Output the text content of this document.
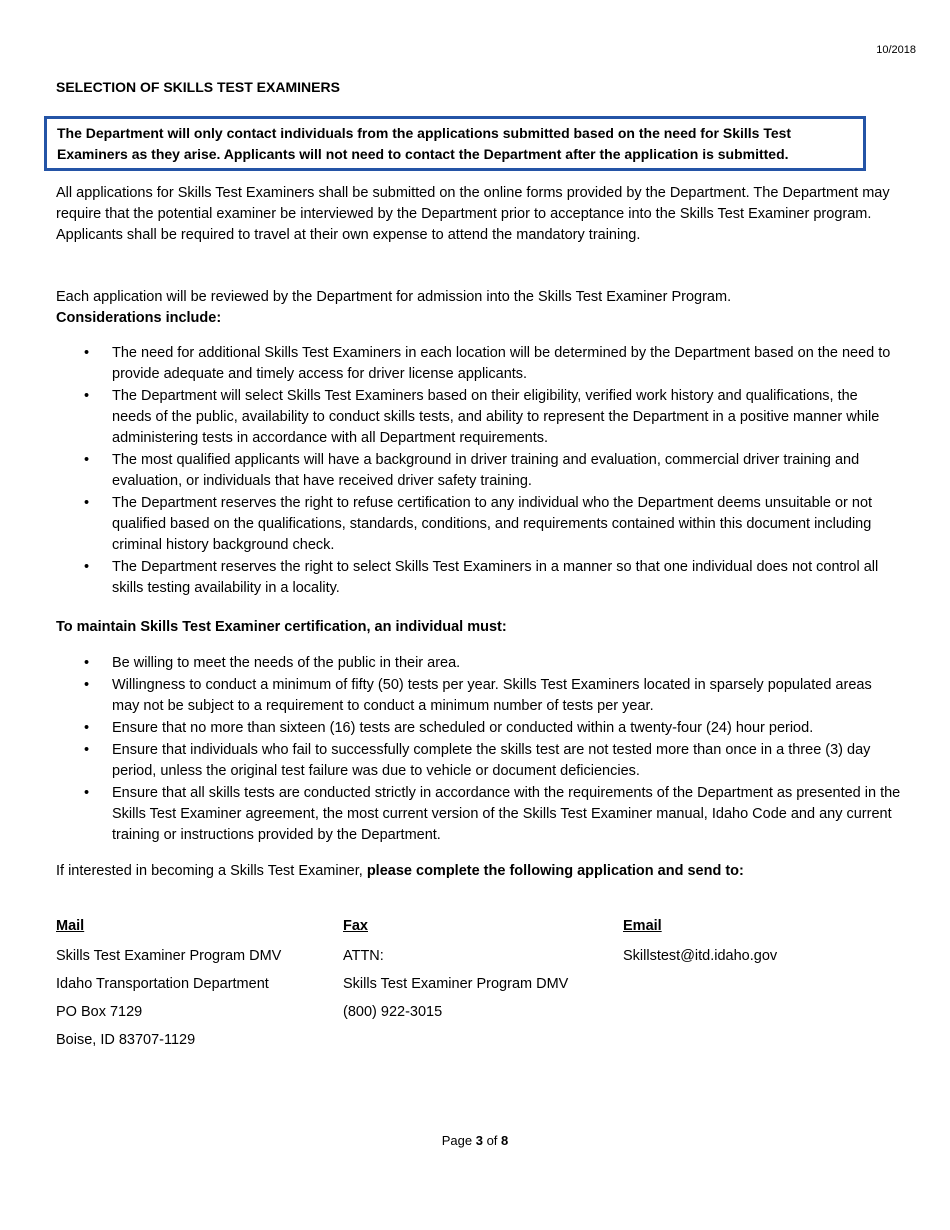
10/2018
SELECTION OF SKILLS TEST EXAMINERS
The Department will only contact individuals from the applications submitted based on the need for Skills Test Examiners as they arise. Applicants will not need to contact the Department after the application is submitted.
All applications for Skills Test Examiners shall be submitted on the online forms provided by the Department. The Department may require that the potential examiner be interviewed by the Department prior to acceptance into the Skills Test Examiner program. Applicants shall be required to travel at their own expense to attend the mandatory training.
Each application will be reviewed by the Department for admission into the Skills Test Examiner Program.
Considerations include:
• The need for additional Skills Test Examiners in each location will be determined by the Department based on the need to provide adequate and timely access for driver license applicants.
• The Department will select Skills Test Examiners based on their eligibility, verified work history and qualifications, the needs of the public, availability to conduct skills tests, and ability to represent the Department in a positive manner while administering tests in accordance with all Department requirements.
• The most qualified applicants will have a background in driver training and evaluation, commercial driver training and evaluation, or individuals that have received driver safety training.
• The Department reserves the right to refuse certification to any individual who the Department deems unsuitable or not qualified based on the qualifications, standards, conditions, and requirements contained within this document including criminal history background check.
• The Department reserves the right to select Skills Test Examiners in a manner so that one individual does not control all skills testing availability in a locality.
To maintain Skills Test Examiner certification, an individual must:
• Be willing to meet the needs of the public in their area.
• Willingness to conduct a minimum of fifty (50) tests per year. Skills Test Examiners located in sparsely populated areas may not be subject to a requirement to conduct a minimum number of tests per year.
• Ensure that no more than sixteen (16) tests are scheduled or conducted within a twenty-four (24) hour period.
• Ensure that individuals who fail to successfully complete the skills test are not tested more than once in a three (3) day period, unless the original test failure was due to vehicle or document deficiencies.
• Ensure that all skills tests are conducted strictly in accordance with the requirements of the Department as presented in the Skills Test Examiner agreement, the most current version of the Skills Test Examiner manual, Idaho Code and any current training or instructions provided by the Department.
If interested in becoming a Skills Test Examiner, please complete the following application and send to:
Mail
Skills Test Examiner Program DMV
Idaho Transportation Department
PO Box 7129
Boise, ID 83707-1129
Fax
ATTN:
Skills Test Examiner Program DMV
(800) 922-3015
Email
Skillstest@itd.idaho.gov
Page 3 of 8
